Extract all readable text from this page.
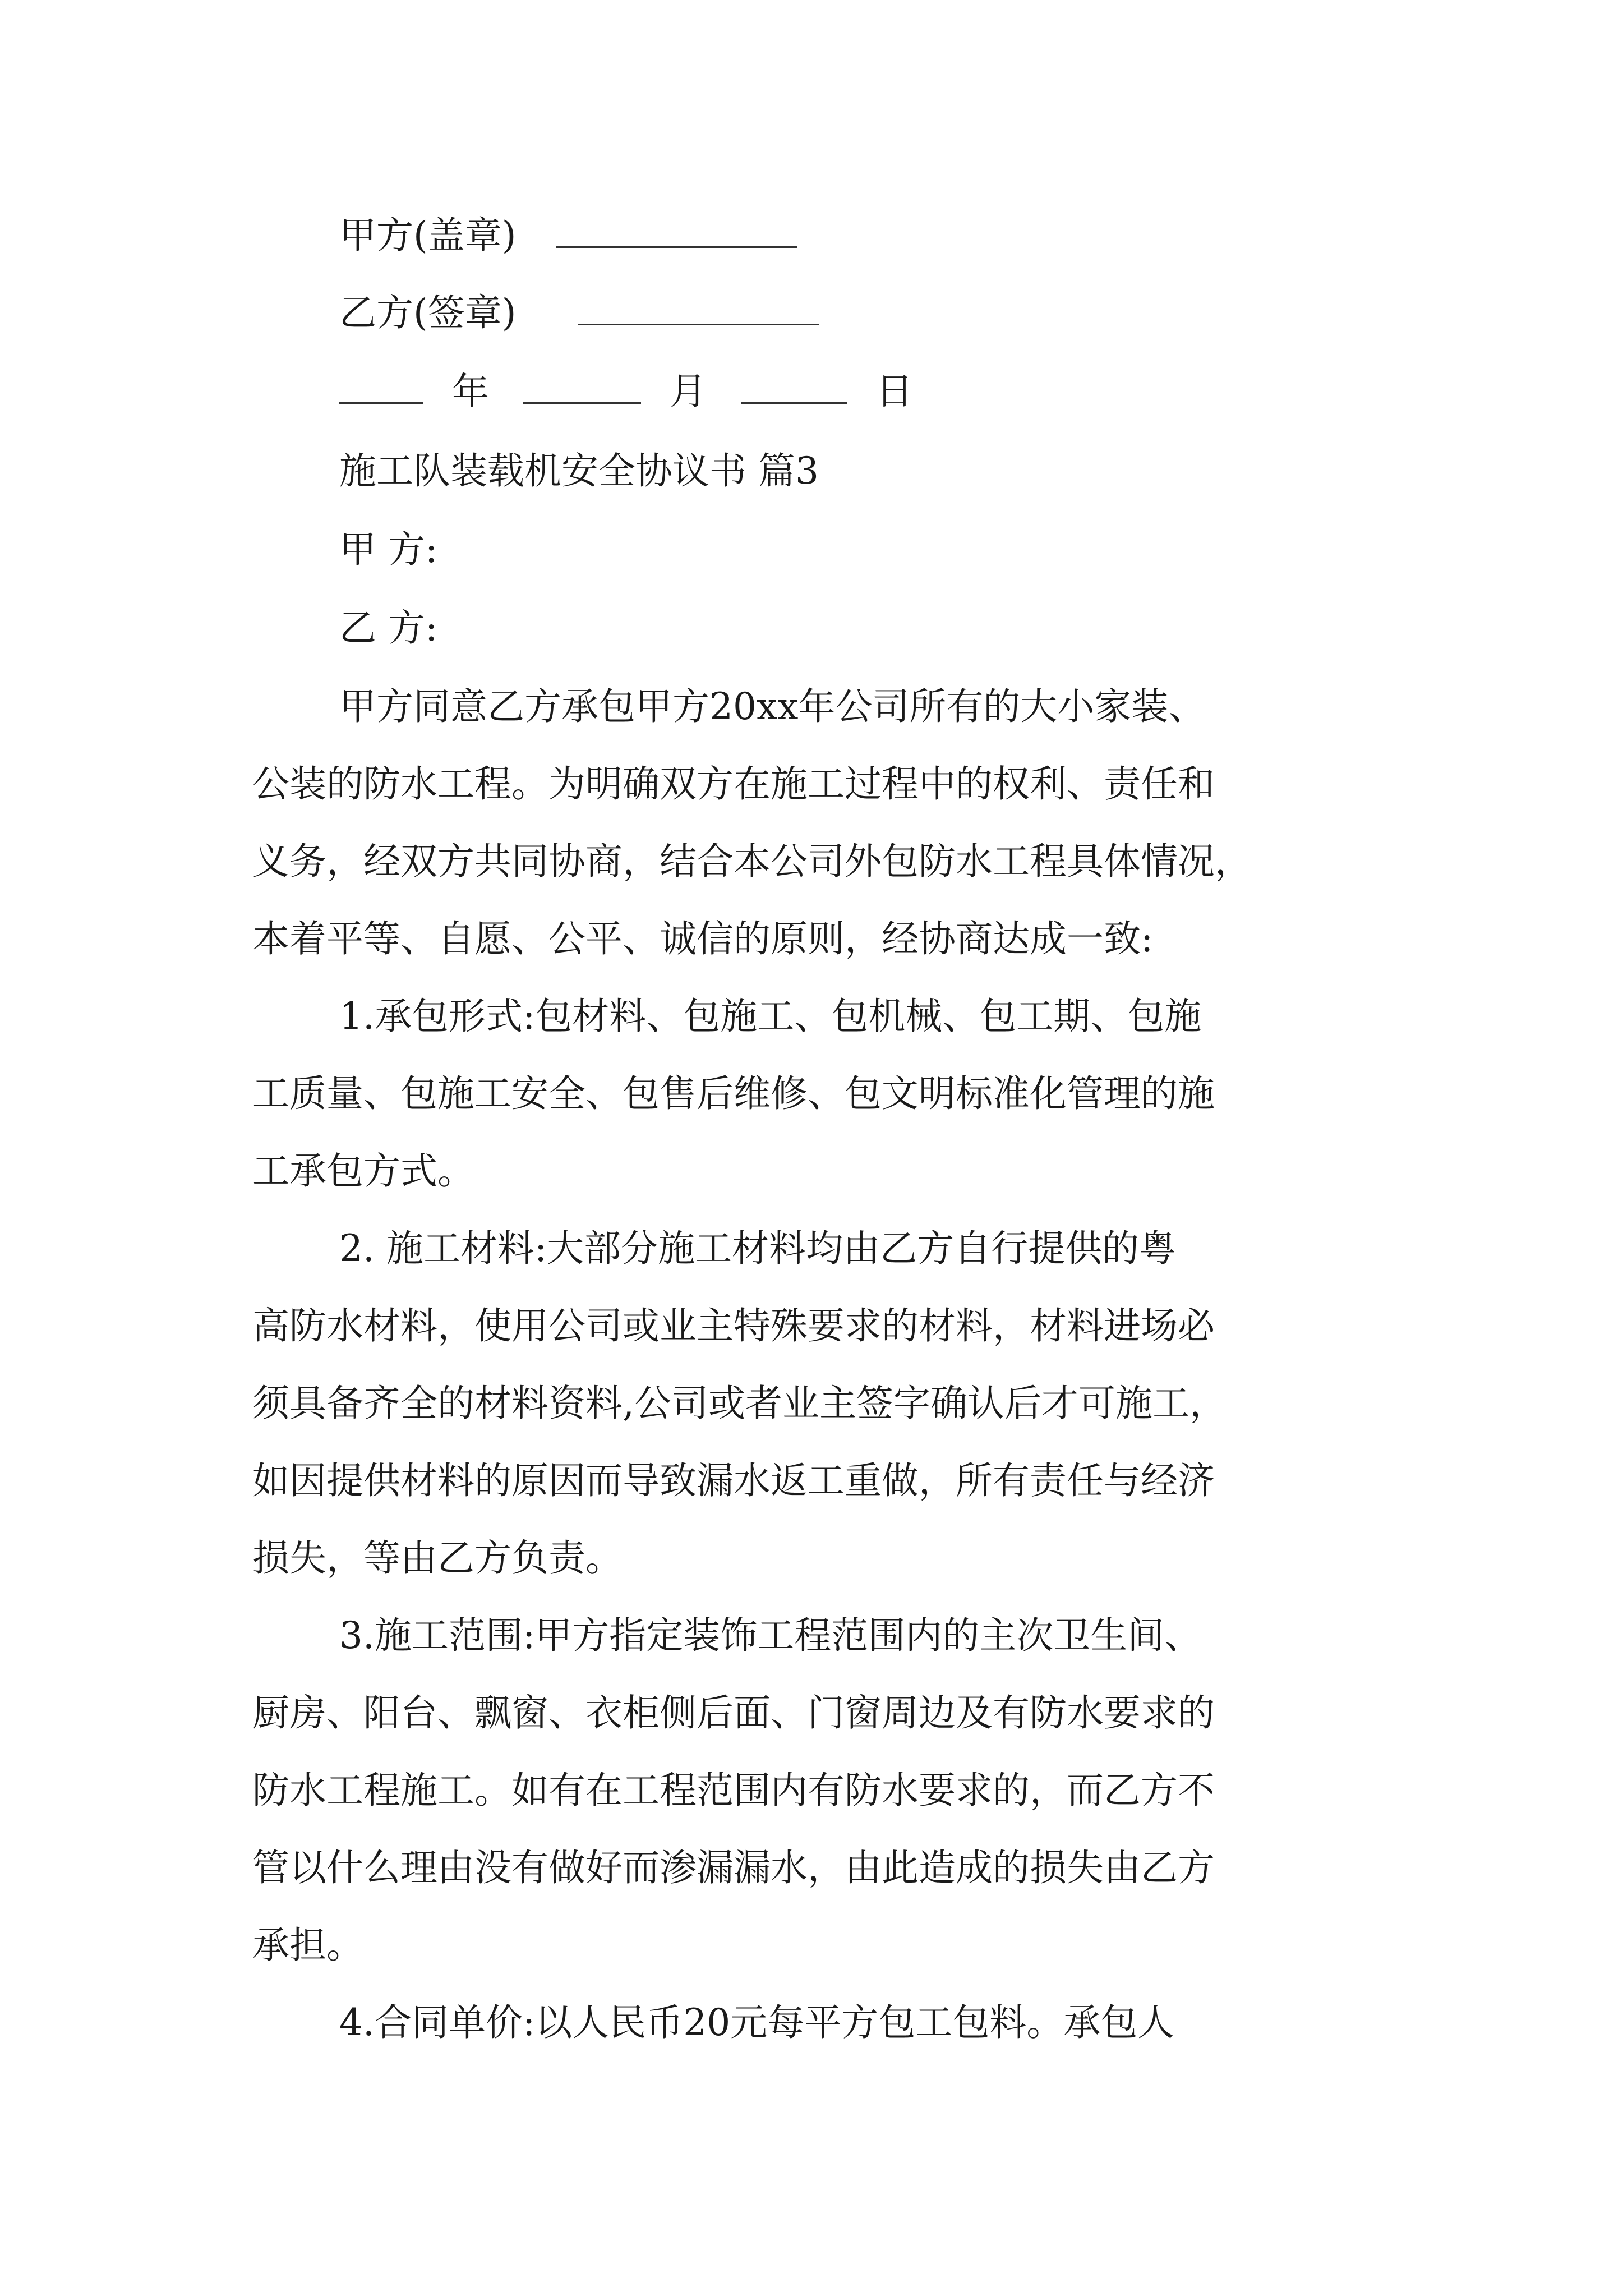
甲方(盖章)
乙方(签章)
年	月	日
施工队装载机安全协议书 篇3
甲 方:
乙 方:
甲方同意乙方承包甲方20xx年公司所有的大小家装、
公装的防水工程。为明确双方在施工过程中的权利、责任和
义务，经双方共同协商，结合本公司外包防水工程具体情况，
本着平等、自愿、公平、诚信的原则，经协商达成一致:
1.承包形式:包材料、包施工、包机械、包工期、包施
工质量、包施工安全、包售后维修、包文明标准化管理的施
工承包方式。
2. 施工材料:大部分施工材料均由乙方自行提供的粤
高防水材料，使用公司或业主特殊要求的材料，材料进场必
须具备齐全的材料资料,公司或者业主签字确认后才可施工，
如因提供材料的原因而导致漏水返工重做，所有责任与经济
损失，等由乙方负责。
3.施工范围:甲方指定装饰工程范围内的主次卫生间、
厨房、阳台、飘窗、衣柜侧后面、门窗周边及有防水要求的
防水工程施工。如有在工程范围内有防水要求的，而乙方不
管以什么理由没有做好而渗漏漏水，由此造成的损失由乙方
承担。
4.合同单价:以人民币20元每平方包工包料。承包人
